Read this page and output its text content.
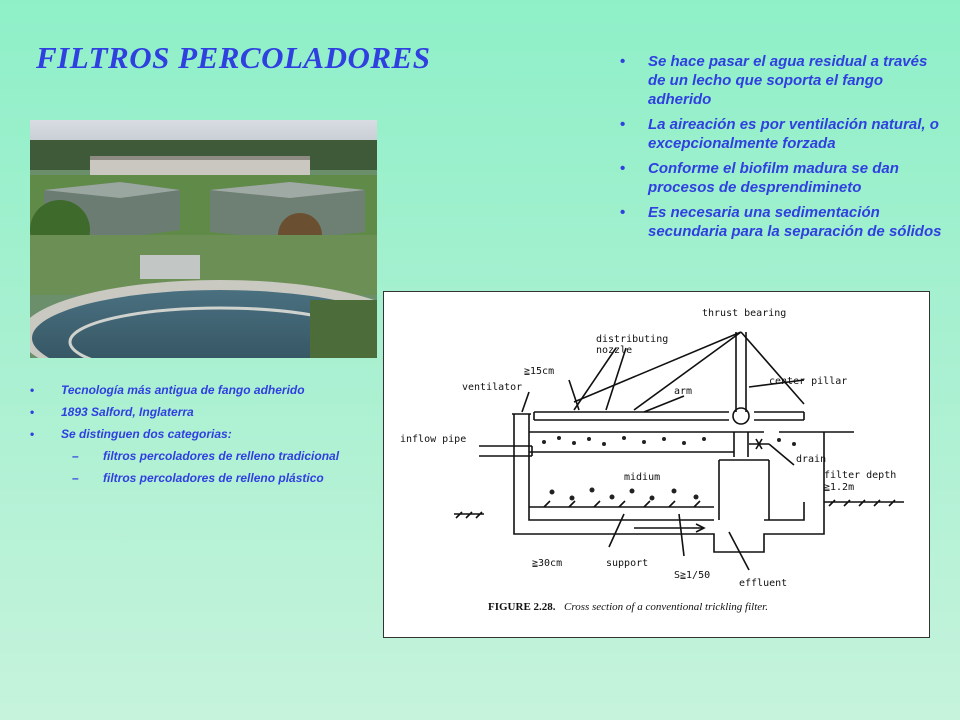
FILTROS PERCOLADORES
•	Se hace pasar el agua residual a través de un lecho que soporta el fango adherido
• La aireación es por ventilación natural, o excepcionalmente forzada
• Conforme el biofilm madura se dan procesos de desprendimineto
• Es necesaria una sedimentación secundaria para la separación de sólidos
• Tecnología más antigua de fango adherido
• 1893 Salford, Inglaterra
• Se distinguen dos categorias:
– filtros percoladores de relleno tradicional
– filtros percoladores de relleno plástico
thrust bearing
distributing
nozzle
≧15cm
ventilator	arm
center pillar
inflow pipe
drain
midium	filter depth
≧1.2m
≧30cm	support
S≧1/50
effluent
FIGURE 2.28. Cross section of a conventional trickling filter.
